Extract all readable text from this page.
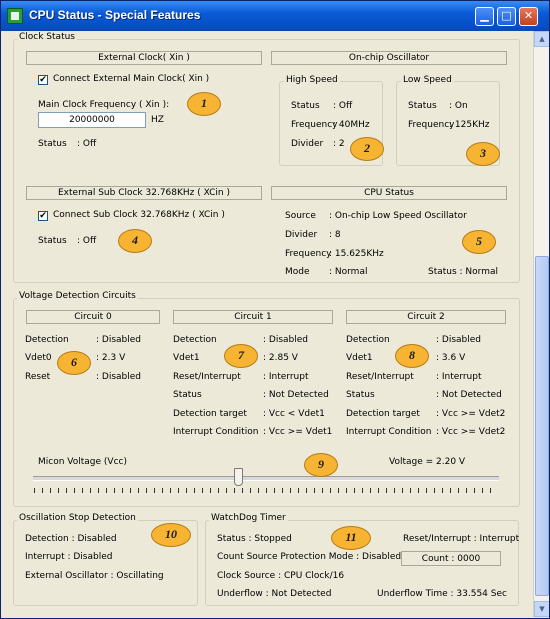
CPU Status - Special Features	▁	□	✕
▲
▼
Clock Status
External Clock( Xin )
✔ Connect External Main Clock( Xin )
Main Clock Frequency ( Xin ):
20000000	HZ
Status : Off
On-chip Oscillator
High Speed
Status : Off
Frequency
: 40MHz
Divider : 2
Low Speed
Status : On
Frequency
: 125KHz
External Sub Clock 32.768KHz ( XCin )
✔ Connect Sub Clock 32.768KHz ( XCin )
Status : Off
CPU Status
Source : On-chip Low Speed Oscillator
Divider : 8
Frequency
: 15.625KHz
Mode : Normal	Status : Normal
Voltage Detection Circuits
Circuit 0
Detection	: Disabled
Vdet0	: 2.3 V
Reset	: Disabled
Circuit 1
Detection	: Disabled
Vdet1	: 2.85 V
Reset/Interrupt : Interrupt
Status	: Not Detected
Detection target : Vcc < Vdet1
Interrupt Condition : Vcc >= Vdet1
Circuit 2
Detection	: Disabled
Vdet1	: 3.6 V
Reset/Interrupt : Interrupt
Status	: Not Detected
Detection target : Vcc >= Vdet2
Interrupt Condition : Vcc >= Vdet2
Micon Voltage (Vcc)	Voltage = 2.20 V
Oscillation Stop Detection
Detection : Disabled
Interrupt : Disabled
External Oscillator : Oscillating
WatchDog Timer
Status : Stopped
Count Source Protection Mode : Disabled
Clock Source : CPU Clock/16
Underflow : Not Detected
Reset/Interrupt : Interrupt
Count : 0000
Underflow Time : 33.554 Sec
1
2	3
4	5
6	7	8
9
10	11
